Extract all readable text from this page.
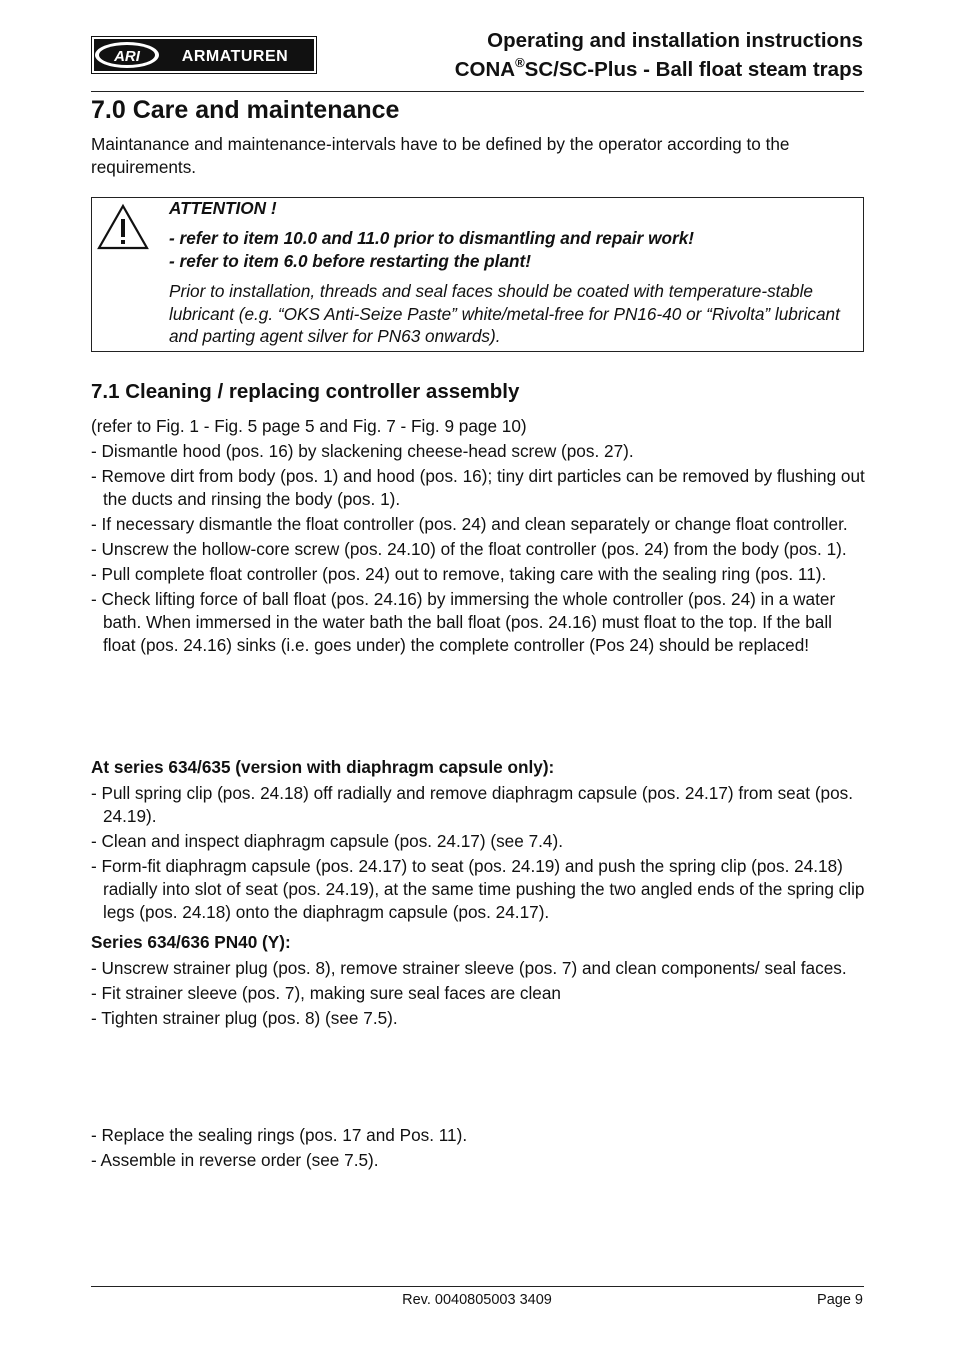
ARI	ARMATUREN
Operating and installation instructions
CONA®SC/SC-Plus - Ball float steam traps
7.0 Care and maintenance
Maintanance and maintenance-intervals have to be defined by the operator according to the requirements.
ATTENTION !
- refer to item 10.0 and 11.0 prior to dismantling and repair work!
- refer to item 6.0 before restarting the plant!
Prior to installation, threads and seal faces should be coated with temperature-stable lubricant (e.g. “OKS Anti-Seize Paste” white/metal-free for PN16-40 or “Rivolta” lubricant and parting agent silver for PN63 onwards).
7.1 Cleaning / replacing controller assembly
(refer to Fig. 1 - Fig. 5 page 5 and Fig. 7 - Fig. 9 page 10)

- Dismantle hood (pos. 16) by slackening cheese-head screw (pos. 27).

- Remove dirt from body (pos. 1) and hood (pos. 16); tiny dirt particles can be removed by flushing out the ducts and rinsing the body (pos. 1).

- If necessary dismantle the float controller (pos. 24) and clean separately or change float controller.

- Unscrew the hollow-core screw (pos. 24.10) of the float controller (pos. 24) from the body (pos. 1).

- Pull complete float controller (pos. 24) out to remove, taking care with the sealing ring (pos. 11).

- Check lifting force of ball float (pos. 24.16) by immersing the whole controller (pos. 24) in a water bath. When immersed in the water bath the ball float (pos. 24.16) must float to the top. If the ball float (pos. 24.16) sinks (i.e. goes under) the complete controller (Pos 24) should be replaced!

At series 634/635 (version with diaphragm capsule only):

- Pull spring clip (pos. 24.18) off radially and remove diaphragm capsule (pos. 24.17) from seat (pos. 24.19).

- Clean and inspect diaphragm capsule (pos. 24.17) (see 7.4).

- Form-fit diaphragm capsule (pos. 24.17) to seat (pos. 24.19) and push the spring clip (pos. 24.18) radially into slot of seat (pos. 24.19), at the same time pushing the two angled ends of the spring clip legs (pos. 24.18) onto the diaphragm capsule (pos. 24.17).

Series 634/636 PN40 (Y):

- Unscrew strainer plug (pos. 8), remove strainer sleeve (pos. 7) and clean components/ seal faces.

- Fit strainer sleeve (pos. 7), making sure seal faces are clean

- Tighten strainer plug (pos. 8) (see 7.5).

- Replace the sealing rings (pos. 17 and Pos. 11).

- Assemble in reverse order (see 7.5).

Rev. 0040805003 3409	Page 9
